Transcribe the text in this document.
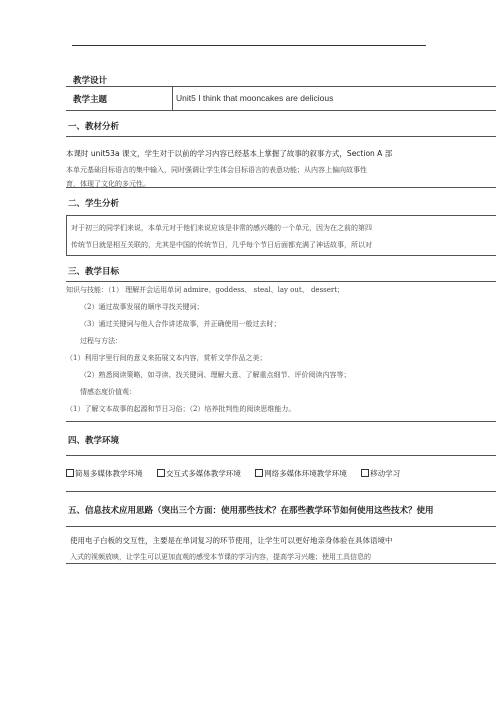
教学设计
教学主题	Unit5 I think that mooncakes are delicious
一、教材分析
本课时 unit53a 课文，学生对于以前的学习内容已经基本上掌握了故事的叙事方式，Section A 部
本单元基础目标语言的集中输入，同时强调让学生体会目标语言的表意功能；从内容上偏向故事性
育，体现了文化的多元性。
二、学生分析
对于初三的同学们来说，本单元对于他们来说应该是非常的感兴趣的一个单元，因为在之前的第四
传统节日就是相互关联的，尤其是中国的传统节日，几乎每个节日后面都充满了神话故事，所以对
三、教学目标
知识与技能：（1） 理解并会运用单词 admire、goddess、 steal、lay out、 dessert；
（2）通过故事发展的顺序寻找关键词；
（3）通过关键词与他人合作讲述故事，并正确使用一般过去时；
过程与方法：
（1）利用字里行间的意义来拓展文本内容，赏析文学作品之美；
（2）熟悉阅读策略，如寻读、找关键词、理解大意、了解重点细节、评价阅读内容等；
情感态度价值观：
（1）了解文本故事的起源和节日习俗；（2）培养批判性的阅读思维能力。
四、教学环境
简易多媒体教学环境	交互式多媒体教学环境	网络多媒体环境教学环境	移动学习
五、信息技术应用思路（突出三个方面：使用那些技术？在那些教学环节如何使用这些技术？使用
使用电子白板的交互性，主要是在单词复习的环节使用，让学生可以更好地亲身体验在具体语境中
入式的视频放映，让学生可以更加直观的感受本节课的学习内容，提高学习兴趣；使用工具信息的
